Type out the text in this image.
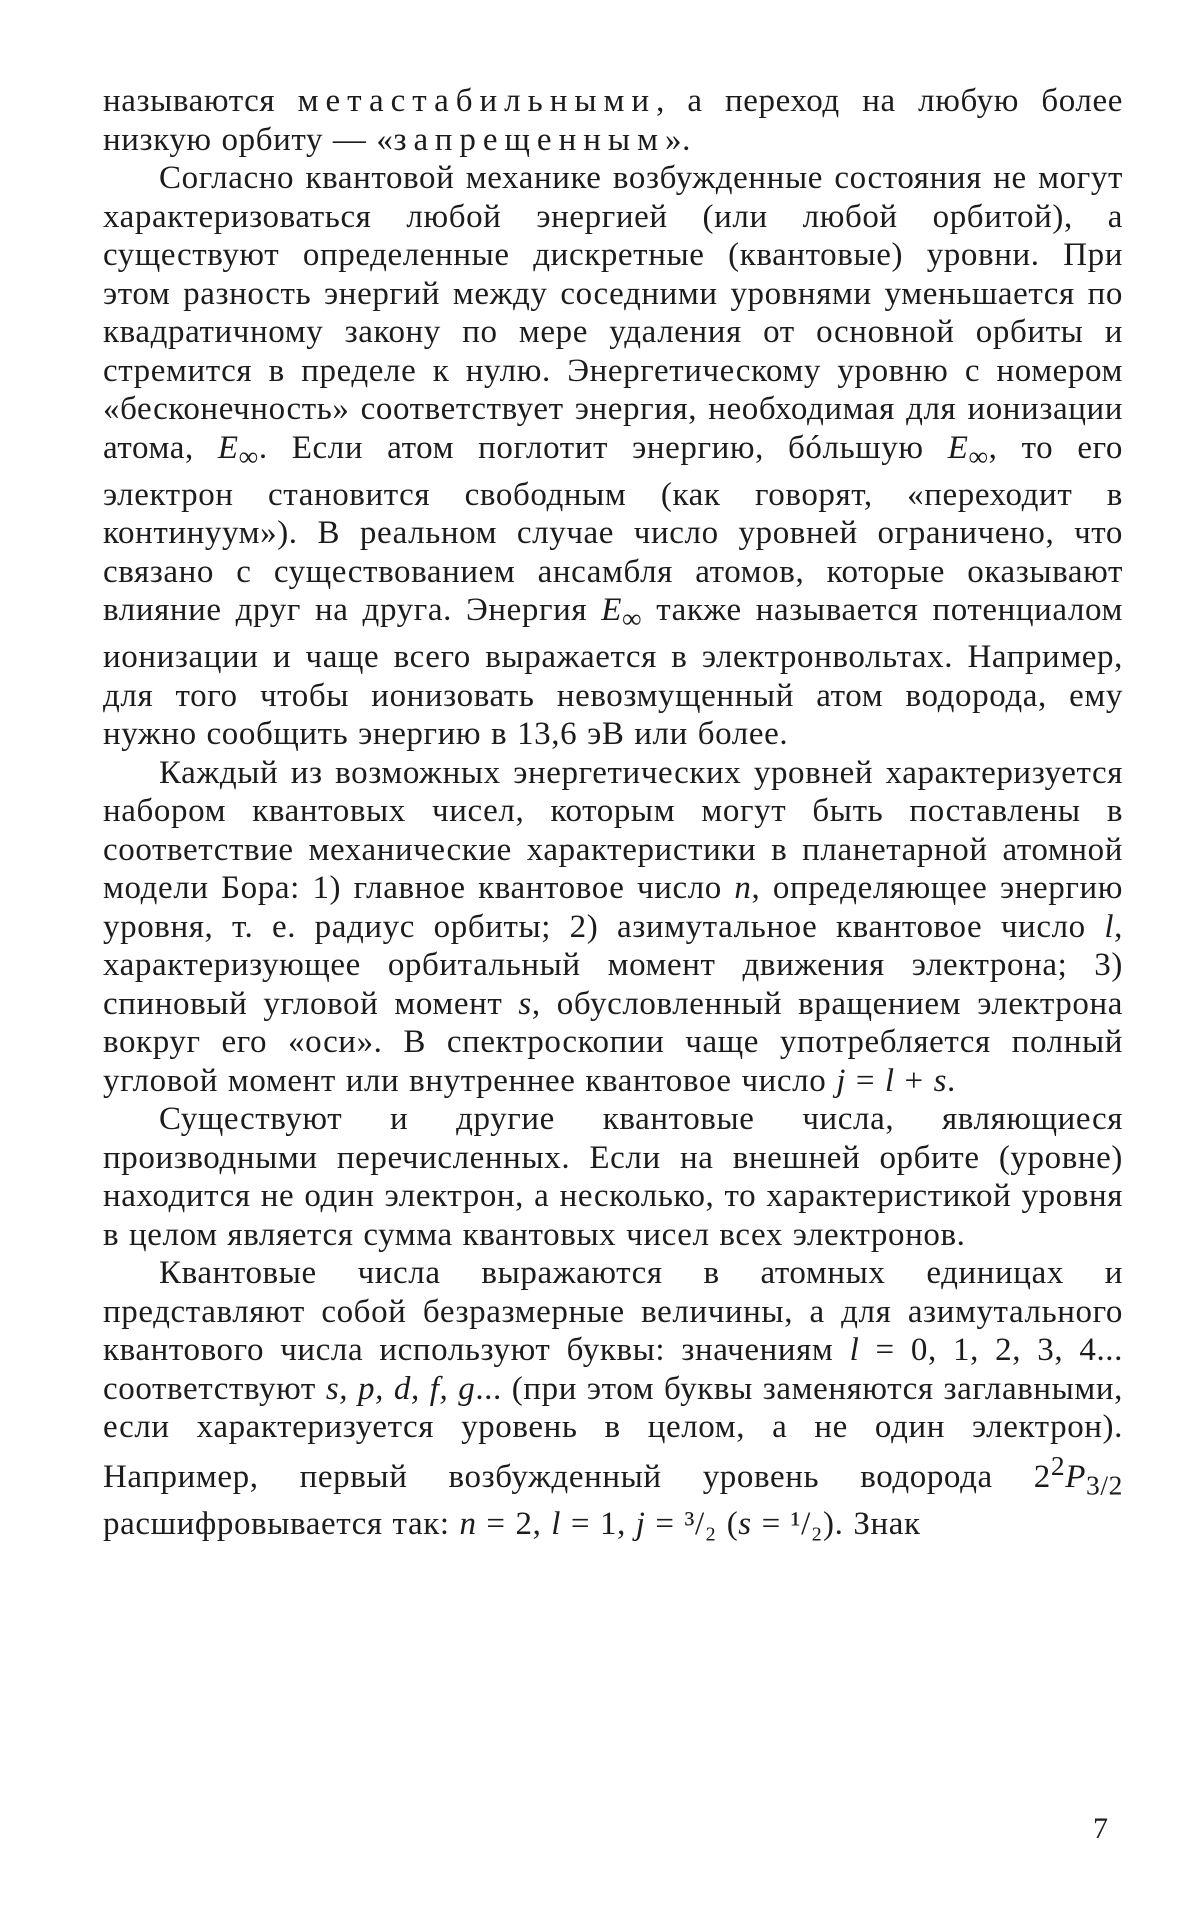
называются метастабильными, а переход на любую более низкую орбиту — «запрещенным».

Согласно квантовой механике возбужденные состояния не могут характеризоваться любой энергией (или любой орбитой), а существуют определенные дискретные (квантовые) уровни. При этом разность энергий между соседними уровнями уменьшается по квадратичному закону по мере удаления от основной орбиты и стремится в пределе к нулю. Энергетическому уровню с номером «бесконечность» соответствует энергия, необходимая для ионизации атома, $E_\infty$. Если атом поглотит энергию, бóльшую $E_\infty$, то его электрон становится свободным (как говорят, «переходит в континуум»). В реальном случае число уровней ограничено, что связано с существованием ансамбля атомов, которые оказывают влияние друг на друга. Энергия $E_\infty$ также называется потенциалом ионизации и чаще всего выражается в электронвольтах. Например, для того чтобы ионизовать невозмущенный атом водорода, ему нужно сообщить энергию в 13,6 эВ или более.

Каждый из возможных энергетических уровней характеризуется набором квантовых чисел, которым могут быть поставлены в соответствие механические характеристики в планетарной атомной модели Бора: 1) главное квантовое число n, определяющее энергию уровня, т. е. радиус орбиты; 2) азимутальное квантовое число l, характеризующее орбитальный момент движения электрона; 3) спиновый угловой момент s, обусловленный вращением электрона вокруг его «оси». В спектроскопии чаще употребляется полный угловой момент или внутреннее квантовое число j = l + s.

Существуют и другие квантовые числа, являющиеся производными перечисленных. Если на внешней орбите (уровне) находится не один электрон, а несколько, то характеристикой уровня в целом является сумма квантовых чисел всех электронов.

Квантовые числа выражаются в атомных единицах и представляют собой безразмерные величины, а для азимутального квантового числа используют буквы: значениям l = 0, 1, 2, 3, 4... соответствуют s, p, d, f, g... (при этом буквы заменяются заглавными, если характеризуется уровень в целом, а не один электрон). Например, первый возбужденный уровень водорода $2^2P_{3/2}$ расшифровывается так: n = 2, l = 1, j = ³/₂ (s = ¹/₂). Знак

7
